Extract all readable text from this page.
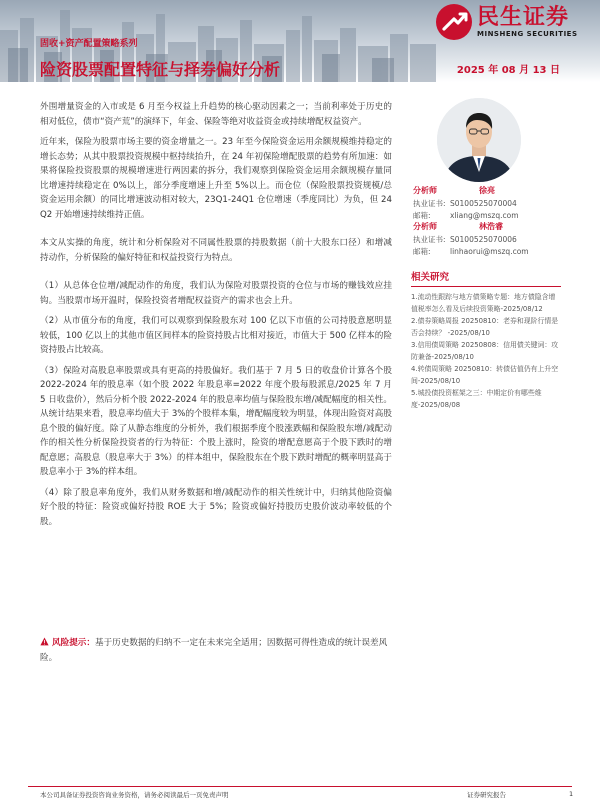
民生证券
MINSHENG SECURITIES
固收+资产配置策略系列
险资股票配置特征与择券偏好分析	2025 年 08 月 13 日

外围增量资金的入市或是 6 月至今权益上升趋势的核心驱动因素之一；当前利率处于历史的相对低位，债市“资产荒”的演绎下，年金、保险等绝对收益资金或持续增配权益资产。

近年来，保险为股票市场主要的资金增量之一。23 年至今保险资金运用余额规模维持稳定的增长态势；从其中股票投资规模中枢持续抬升，在 24 年初保险增配股票的趋势有所加速：如果将保险投资股票的规模增速进行两因素的拆分，我们观察到保险资金运用余额规模存量同比增速持续稳定在 0%以上，部分季度增速上升至 5%以上。而仓位（保险股票投资规模/总资金运用余额）的同比增速波动相对较大，23Q1-24Q1 仓位增速（季度同比）为负，但 24 Q2 开始增速持续维持正值。

本文从实操的角度，统计和分析保险对不同属性股票的持股数据（前十大股东口径）和增减持动作，分析保险的偏好特征和权益投资行为特点。

（1）从总体仓位增/减配动作的角度，我们认为保险对股票投资的仓位与市场的赚钱效应挂钩。当股票市场开温时，保险投资者增配权益资产的需求也会上升。

（2）从市值分布的角度，我们可以观察到保险股东对 100 亿以下市值的公司持股意愿明显较低，100 亿以上的其他市值区间样本的险资持股占比相对接近，市值大于 500 亿样本的险资持股占比较高。

（3）保险对高股息率股票或具有更高的持股偏好。我们基于 7 月 5 日的收盘价计算各个股 2022-2024 年的股息率（如个股 2022 年股息率=2022 年度个股每股派息/2025 年 7 月 5 日收盘价），然后分析个股 2022-2024 年的股息率均值与保险股东增/减配幅度的相关性。从统计结果来看，股息率均值大于 3%的个股样本集，增配幅度较为明显，体现出险资对高股息个股的偏好度。除了从静态维度的分析外，我们根据季度个股涨跌幅和保险股东增/减配动作的相关性分析保险投资者的行为特征：个股上涨时，险资的增配意愿高于个股下跌时的增配意愿；高股息（股息率大于 3%）的样本组中，保险股东在个股下跌时增配的概率明显高于股息率小于 3%的样本组。

（4）除了股息率角度外，我们从财务数据和增/减配动作的相关性统计中，归纳其他险资偏好个股的特征：险资或偏好持股 ROE 大于 5%；险资或偏好持股历史股价波动率较低的个股。

风险提示：基于历史数据的归纳不一定在未来完全适用；因数据可得性造成的统计误差风险。
分析师	徐亮
执业证书: S0100525070004
邮箱:	xliang@mszq.com
分析师	林浩睿
执业证书: S0100525070006
邮箱:	linhaorui@mszq.com
相关研究
1.流动性跟踪与地方债策略专题：地方债隐含增值税率怎么看及后续投资策略-2025/08/12
2.债券策略周报 20250810：老券和现阶行情是否会持续？ -2025/08/10
3.信用债周策略 20250808：信用债关键词：攻防兼备-2025/08/10
4.转债周策略 20250810：转债估值仍有上升空间-2025/08/10
5.城投债投资框架之三：中期定价有哪些维度-2025/08/08
本公司具备证券投资咨询业务资格，请务必阅读最后一页免责声明	证券研究报告	1
